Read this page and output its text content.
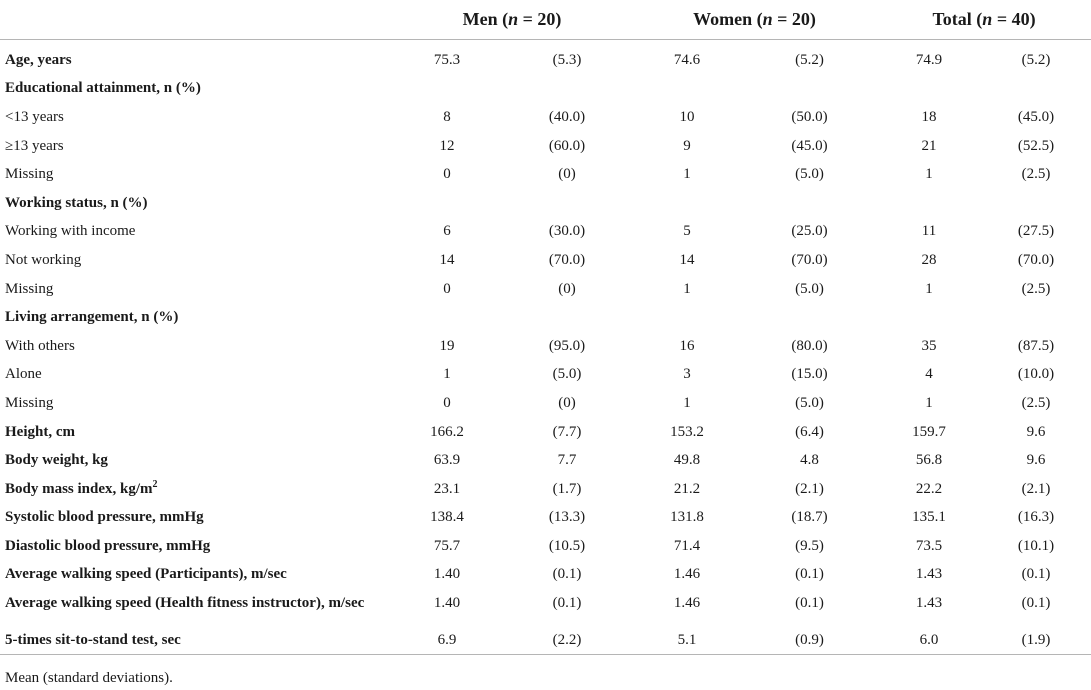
	Men (n = 20)		Women (n = 20)		Total (n = 40)	

Age, years	75.3	(5.3)	74.6	(5.2)	74.9	(5.2)
Educational attainment, n (%)						
<13 years	8	(40.0)	10	(50.0)	18	(45.0)
≥13 years	12	(60.0)	9	(45.0)	21	(52.5)
Missing	0	(0)	1	(5.0)	1	(2.5)
Working status, n (%)						
Working with income	6	(30.0)	5	(25.0)	11	(27.5)
Not working	14	(70.0)	14	(70.0)	28	(70.0)
Missing	0	(0)	1	(5.0)	1	(2.5)
Living arrangement, n (%)						
With others	19	(95.0)	16	(80.0)	35	(87.5)
Alone	1	(5.0)	3	(15.0)	4	(10.0)
Missing	0	(0)	1	(5.0)	1	(2.5)
Height, cm	166.2	(7.7)	153.2	(6.4)	159.7	9.6
Body weight, kg	63.9	7.7	49.8	4.8	56.8	9.6
Body mass index, $kg/m^2$	23.1	(1.7)	21.2	(2.1)	22.2	(2.1)
Systolic blood pressure, mmHg	138.4	(13.3)	131.8	(18.7)	135.1	(16.3)
Diastolic blood pressure, mmHg	75.7	(10.5)	71.4	(9.5)	73.5	(10.1)
Average walking speed (Participants), m/sec	1.40	(0.1)	1.46	(0.1)	1.43	(0.1)
Average walking speed (Health fitness instructor), m/sec	1.40	(0.1)	1.46	(0.1)	1.43	(0.1)

5-times sit-to-stand test, sec	6.9	(2.2)	5.1	(0.9)	6.0	(1.9)
Mean (standard deviations).
